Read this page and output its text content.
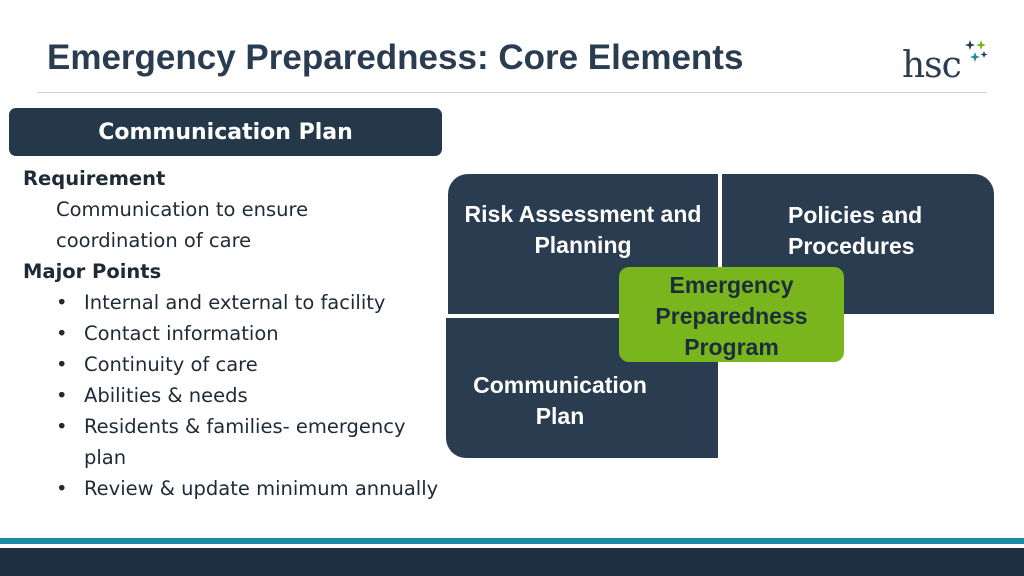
Emergency Preparedness: Core Elements	hsc
Communication Plan
Requirement
Communication to ensure
coordination of care
Major Points
• Internal and external to facility
• Contact information
• Continuity of care
• Abilities & needs
• Residents & families- emergency plan
• Review & update minimum annually
Risk Assessment and Planning
Policies and Procedures
Communication Plan
Emergency Preparedness Program
